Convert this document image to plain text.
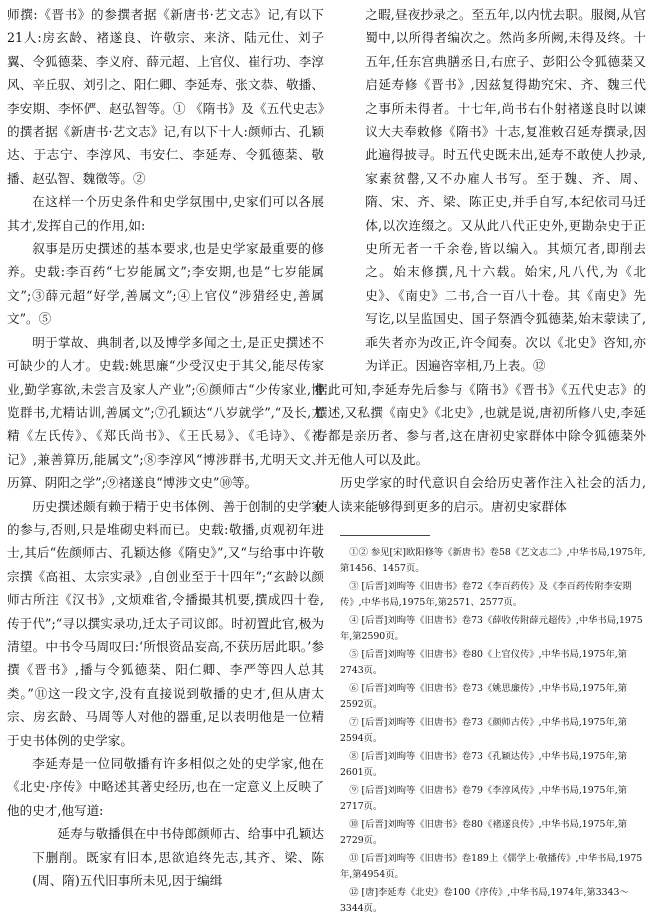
师撰:《晋书》的参撰者据《新唐书·艺文志》记,有以下21人:房玄龄、褚遂良、许敬宗、来济、陆元仕、刘子翼、令狐德棻、李义府、薛元超、上官仪、崔行功、李淳风、辛丘驭、刘引之、阳仁卿、李延寿、张文恭、敬播、李安期、李怀俨、赵弘智等。① 《隋书》及《五代史志》的撰者据《新唐书·艺文志》记,有以下十人:颜师古、孔颖达、于志宁、李淳风、韦安仁、李延寿、令狐德棻、敬播、赵弘智、魏徵等。②

在这样一个历史条件和史学氛围中,史家们可以各展其才,发挥自己的作用,如:

叙事是历史撰述的基本要求,也是史学家最重要的修养。史载:李百药“七岁能属文”;李安期,也是“七岁能属文”;③薛元超“好学,善属文”;④上官仪“涉猎经史,善属文”。⑤

明于掌故、典制者,以及博学多闻之士,是正史撰述不可缺少的人才。史载:姚思廉“少受汉史于其父,能尽传家业,勤学寡欲,未尝言及家人产业”;⑥颜师古“少传家业,博览群书,尤精诂训,善属文”;⑦孔颖达“八岁就学”,“及长,尤精《左氏传》、《郑氏尚书》、《王氏易》、《毛诗》、《礼记》,兼善算历,能属文”;⑧李淳风“博涉群书,尤明天文、历算、阴阳之学”;⑨褚遂良“博涉文史”⑩等。

历史撰述颇有赖于精于史书体例、善于创制的史学家的参与,否则,只是堆砌史料而已。史载:敬播,贞观初年进士,其后“佐颜师古、孔颖达修《隋史》”,又“与给事中许敬宗撰《高祖、太宗实录》,自创业至于十四年”;“玄龄以颜师古所注《汉书》,文烦难省,令播撮其机要,撰成四十卷,传于代”;“寻以撰实录功,迁太子司议郎。时初置此官,极为清望。中书令马周叹曰:‘所恨资品妄高,不获历居此职。’参撰《晋书》,播与令狐德棻、阳仁卿、李严等四人总其类。”⑪这一段文字,没有直接说到敬播的史才,但从唐太宗、房玄龄、马周等人对他的器重,足以表明他是一位精于史书体例的史学家。

李延寿是一位同敬播有许多相似之处的史学家,他在《北史·序传》中略述其著史经历,也在一定意义上反映了他的史才,他写道:

延寿与敬播俱在中书侍郎颜师古、给事中孔颖达下删削。既家有旧本,思欲追终先志,其齐、梁、陈(周、隋)五代旧事所未见,因于编缉

之暇,昼夜抄录之。至五年,以内忧去职。服阕,从官蜀中,以所得者编次之。然尚多所阙,未得及终。十五年,任东宫典膳丞日,右庶子、彭阳公令狐德棻又启延寿修《晋书》,因兹复得勘究宋、齐、魏三代之事所未得者。十七年,尚书右仆射褚遂良时以谏议大夫奉敕修《隋书》十志,复准敕召延寿撰录,因此遍得披寻。时五代史既未出,延寿不敢使人抄录,家素贫罄,又不办雇人书写。至于魏、齐、周、隋、宋、齐、梁、陈正史,并手自写,本纪依司马迁体,以次连缀之。又从此八代正史外,更勘杂史于正史所无者一千余卷,皆以编入。其烦冗者,即削去之。始末修撰,凡十六载。始宋,凡八代,为《北史》、《南史》二书,合一百八十卷。其《南史》先写讫,以呈监国史、国子祭酒令狐德棻,始末蒙读了,乖失者亦为改正,许令闻奏。次以《北史》咨知,亦为详正。因遍咨宰相,乃上表。⑫

据此可知,李延寿先后参与《隋书》《晋书》《五代史志》的撰述,又私撰《南史》《北史》,也就是说,唐初所修八史,李延寿都是亲历者、参与者,这在唐初史家群体中除令狐德棻外并无他人可以及此。

历史学家的时代意识自会给历史著作注入社会的活力,使人读来能够得到更多的启示。唐初史家群体

①② 参见[宋]欧阳修等《新唐书》卷58《艺文志二》,中华书局,1975年,第1456、1457页。
③ [后晋]刘昫等《旧唐书》卷72《李百药传》及《李百药传附李安期传》,中华书局,1975年,第2571、2577页。
④ [后晋]刘昫等《旧唐书》卷73《薛收传附薛元超传》,中华书局,1975年,第2590页。
⑤ [后晋]刘昫等《旧唐书》卷80《上官仪传》,中华书局,1975年,第2743页。
⑥ [后晋]刘昫等《旧唐书》卷73《姚思廉传》,中华书局,1975年,第2592页。
⑦ [后晋]刘昫等《旧唐书》卷73《颜师古传》,中华书局,1975年,第2594页。
⑧ [后晋]刘昫等《旧唐书》卷73《孔颖达传》,中华书局,1975年,第2601页。
⑨ [后晋]刘昫等《旧唐书》卷79《李淳风传》,中华书局,1975年,第2717页。
⑩ [后晋]刘昫等《旧唐书》卷80《褚遂良传》,中华书局,1975年,第2729页。
⑪ [后晋]刘昫等《旧唐书》卷189上《儒学上·敬播传》,中华书局,1975年,第4954页。
⑫ [唐]李延寿《北史》卷100《序传》,中华书局,1974年,第3343～3344页。
